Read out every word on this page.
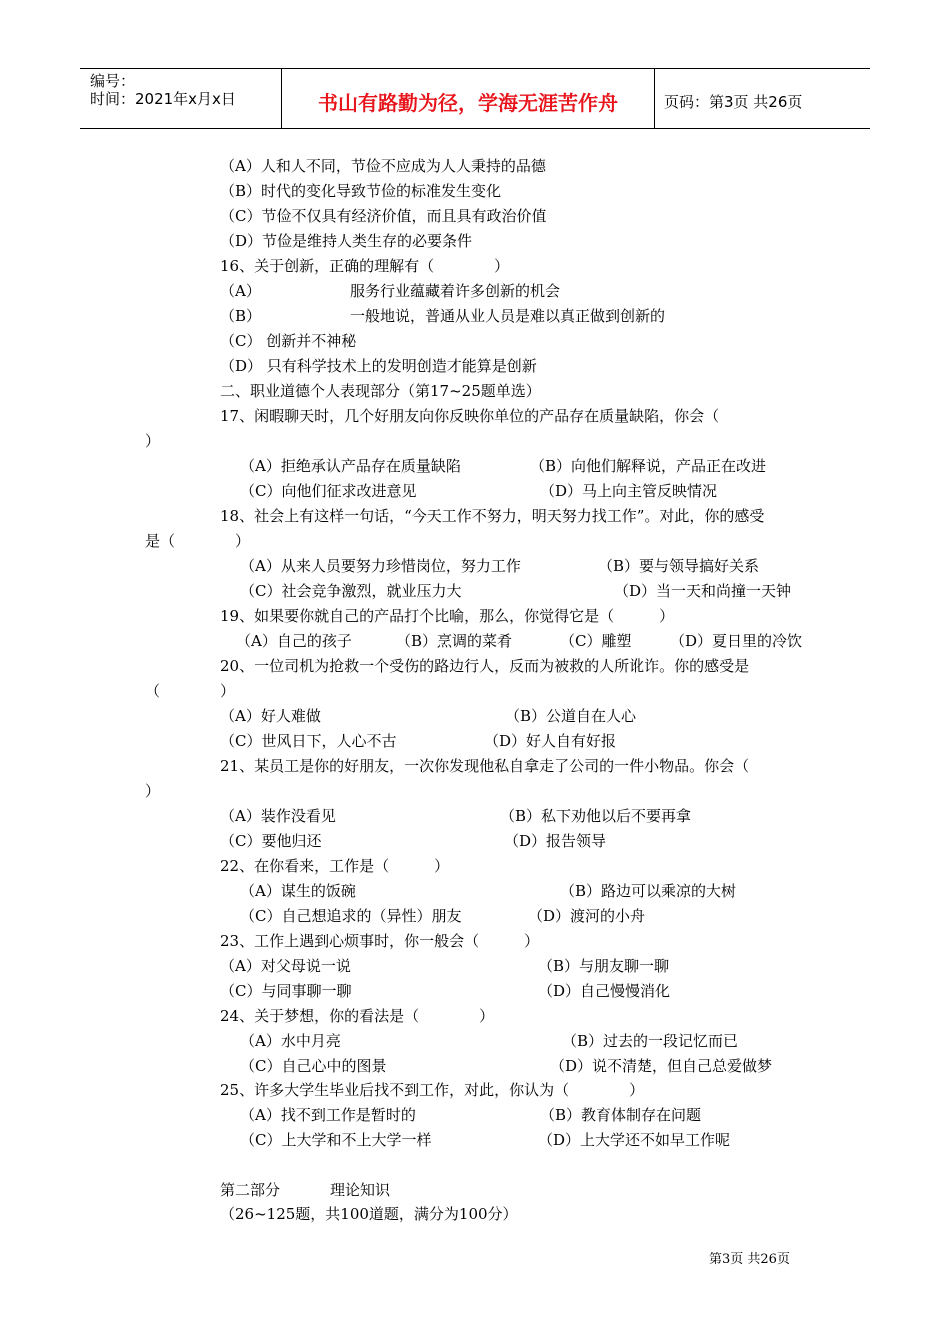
编号：
时间：2021年x月x日	书山有路勤为径，学海无涯苦作舟	页码：第3页 共26页
（A）人和人不同，节俭不应成为人人秉持的品德
（B）时代的变化导致节俭的标准发生变化
（C）节俭不仅具有经济价值，而且具有政治价值
（D）节俭是维持人类生存的必要条件
16、关于创新，正确的理解有（　　　　）
（A）	服务行业蕴藏着许多创新的机会
（B）	一般地说，普通从业人员是难以真正做到创新的
（C） 创新并不神秘
（D） 只有科学技术上的发明创造才能算是创新
二、职业道德个人表现部分（第17~25题单选）
17、闲暇聊天时，几个好朋友向你反映你单位的产品存在质量缺陷，你会（
）
（A）拒绝承认产品存在质量缺陷	（B）向他们解释说，产品正在改进
（C）向他们征求改进意见	（D）马上向主管反映情况
18、社会上有这样一句话，“今天工作不努力，明天努力找工作”。对此，你的感受
是（　　　　）
（A）从来人员要努力珍惜岗位，努力工作	（B）要与领导搞好关系
（C）社会竞争激烈，就业压力大	（D）当一天和尚撞一天钟
19、如果要你就自己的产品打个比喻，那么，你觉得它是（　　　）
（A）自己的孩子	（B）烹调的菜肴	（C）雕塑	（D）夏日里的冷饮
20、一位司机为抢救一个受伤的路边行人，反而为被救的人所讹诈。你的感受是
（　　　　）
（A）好人难做	（B）公道自在人心
（C）世风日下，人心不古	（D）好人自有好报
21、某员工是你的好朋友，一次你发现他私自拿走了公司的一件小物品。你会（
）
（A）装作没看见	（B）私下劝他以后不要再拿
（C）要他归还	（D）报告领导
22、在你看来，工作是（　　　）
（A）谋生的饭碗	（B）路边可以乘凉的大树
（C）自己想追求的（异性）朋友	（D）渡河的小舟
23、工作上遇到心烦事时，你一般会（　　　）
（A）对父母说一说	（B）与朋友聊一聊
（C）与同事聊一聊	（D）自己慢慢消化
24、关于梦想，你的看法是（　　　　）
（A）水中月亮	（B）过去的一段记忆而已
（C）自己心中的图景	（D）说不清楚，但自己总爱做梦
25、许多大学生毕业后找不到工作，对此，你认为（　　　　）
（A）找不到工作是暂时的	（B）教育体制存在问题
（C）上大学和不上大学一样	（D）上大学还不如早工作呢
第二部分	理论知识
（26~125题，共100道题，满分为100分）
第3页 共26页
